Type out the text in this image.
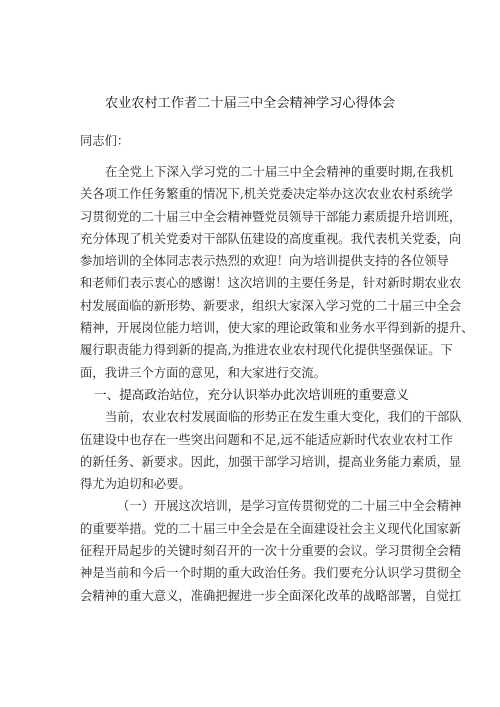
农业农村工作者二十届三中全会精神学习心得体会
同志们：
在全党上下深入学习党的二十届三中全会精神的重要时期,在我机
关各项工作任务繁重的情况下,机关党委决定举办这次农业农村系统学
习贯彻党的二十届三中全会精神暨党员领导干部能力素质提升培训班，
充分体现了机关党委对干部队伍建设的高度重视。我代表机关党委，向
参加培训的全体同志表示热烈的欢迎！向为培训提供支持的各位领导
和老师们表示衷心的感谢！这次培训的主要任务是，针对新时期农业农
村发展面临的新形势、新要求，组织大家深入学习党的二十届三中全会
精神，开展岗位能力培训，使大家的理论政策和业务水平得到新的提升、
履行职责能力得到新的提高,为推进农业农村现代化提供坚强保证。下
面，我讲三个方面的意见，和大家进行交流。
一、提高政治站位，充分认识举办此次培训班的重要意义
当前，农业农村发展面临的形势正在发生重大变化，我们的干部队
伍建设中也存在一些突出问题和不足,远不能适应新时代农业农村工作
的新任务、新要求。因此，加强干部学习培训，提高业务能力素质，显
得尤为迫切和必要。
（一）开展这次培训，是学习宣传贯彻党的二十届三中全会精神
的重要举措。党的二十届三中全会是在全面建设社会主义现代化国家新
征程开局起步的关键时刻召开的一次十分重要的会议。学习贯彻全会精
神是当前和今后一个时期的重大政治任务。我们要充分认识学习贯彻全
会精神的重大意义，准确把握进一步全面深化改革的战略部署，自觉扛
